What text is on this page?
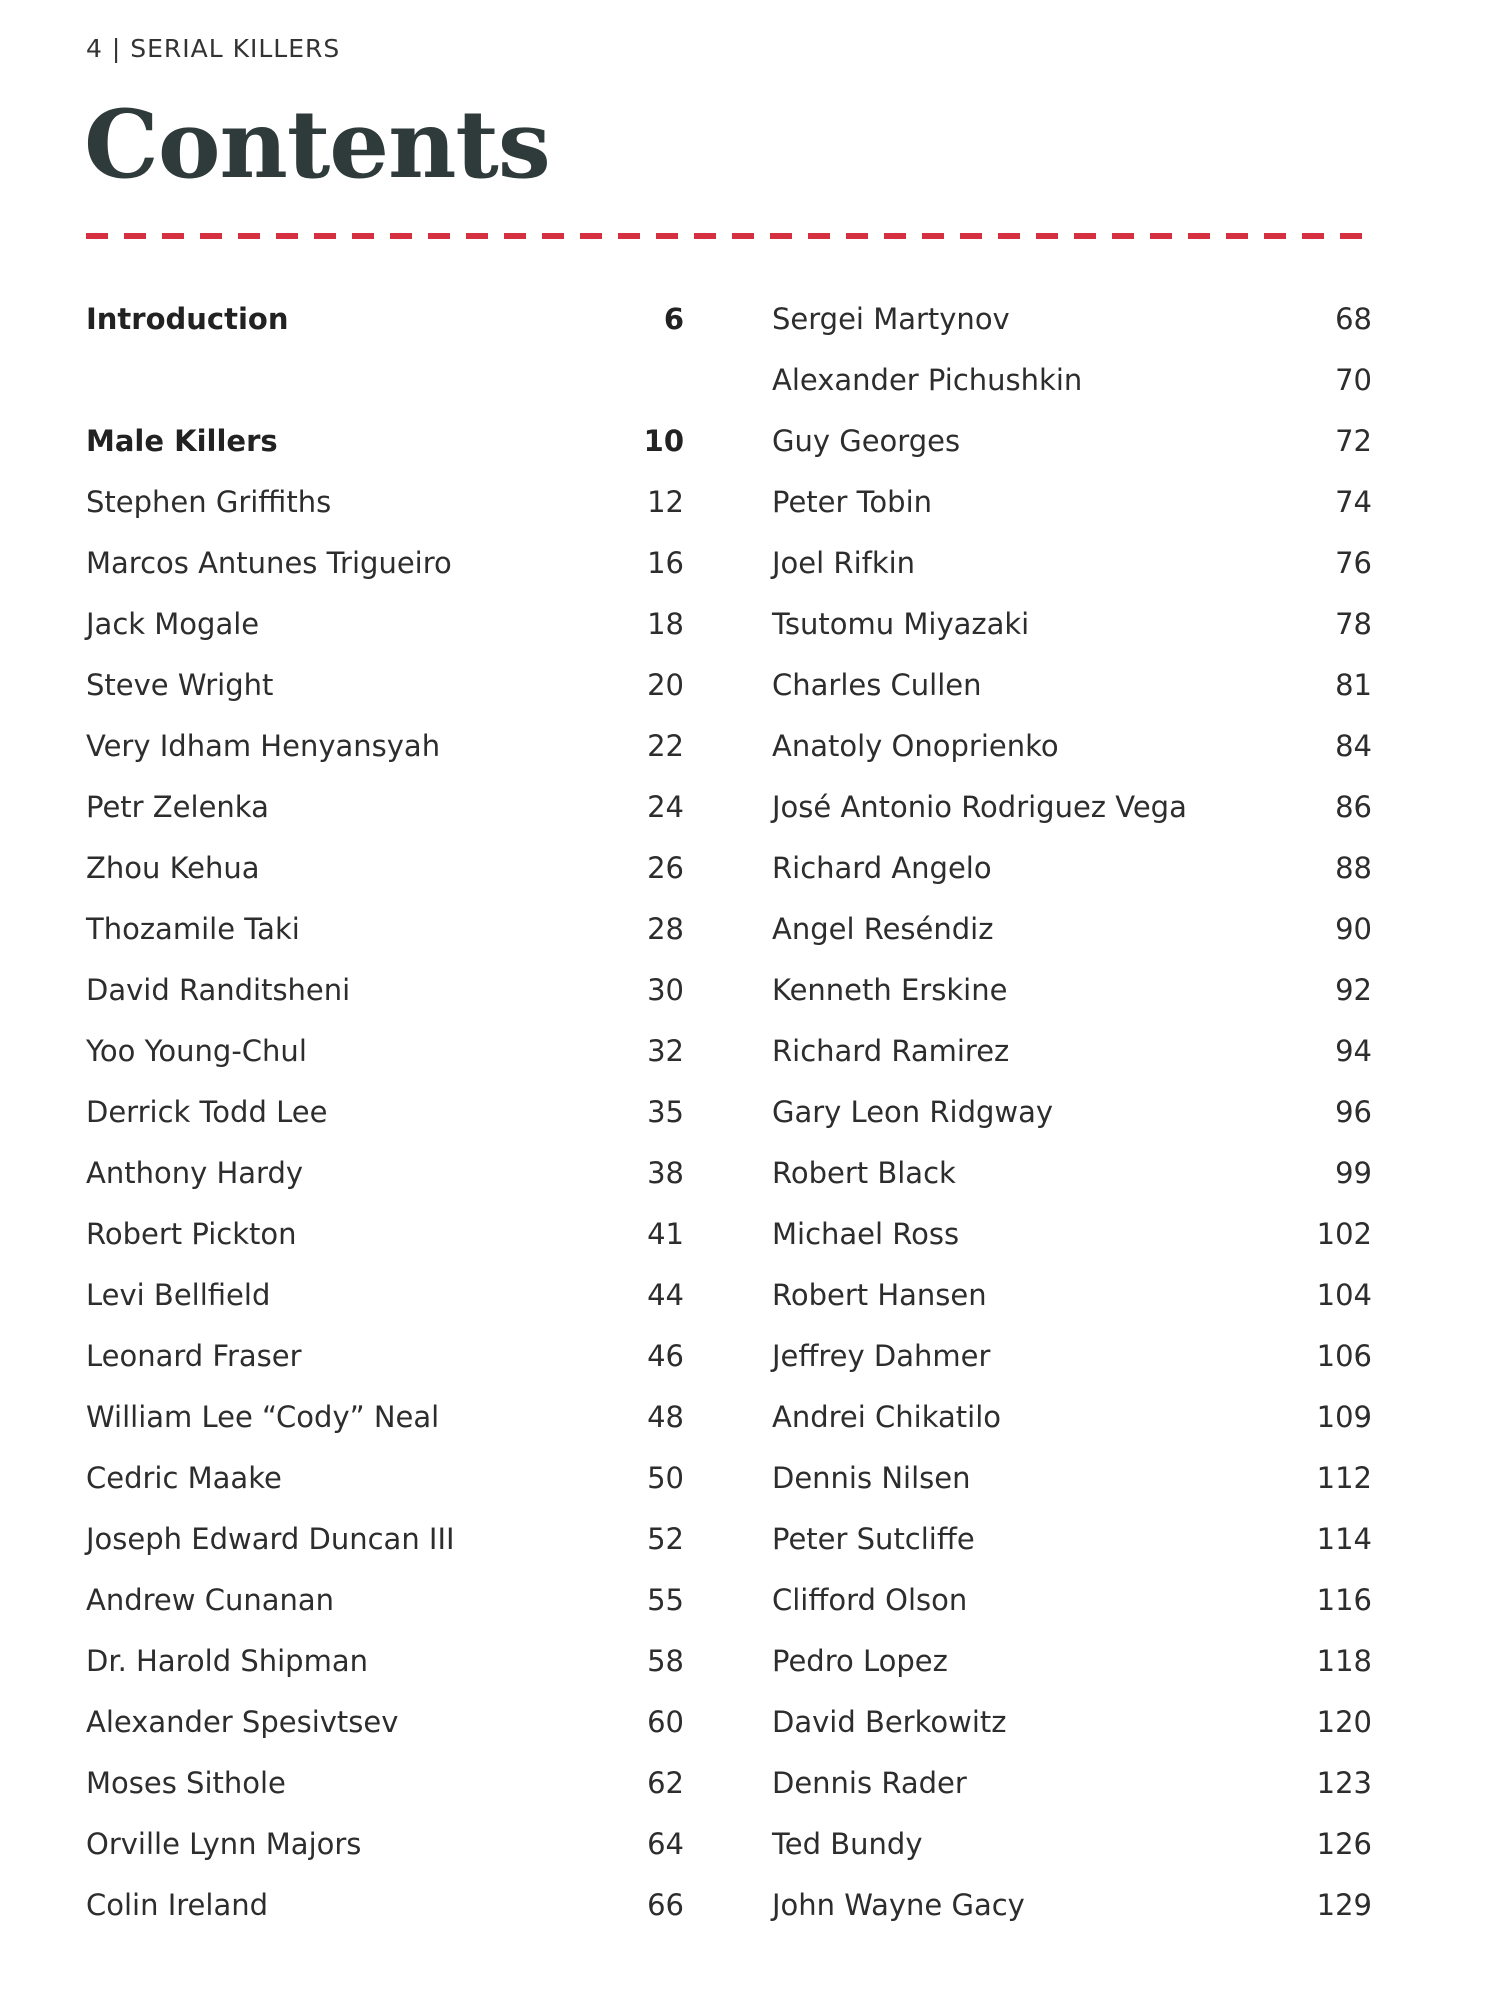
4 | SERIAL KILLERS
Contents
Introduction	6
Male Killers	10
Stephen Griffiths	12
Marcos Antunes Trigueiro	16
Jack Mogale	18
Steve Wright	20
Very Idham Henyansyah	22
Petr Zelenka	24
Zhou Kehua	26
Thozamile Taki	28
David Randitsheni	30
Yoo Young-Chul	32
Derrick Todd Lee	35
Anthony Hardy	38
Robert Pickton	41
Levi Bellfield	44
Leonard Fraser	46
William Lee “Cody” Neal	48
Cedric Maake	50
Joseph Edward Duncan III	52
Andrew Cunanan	55
Dr. Harold Shipman	58
Alexander Spesivtsev	60
Moses Sithole	62
Orville Lynn Majors	64
Colin Ireland	66
Sergei Martynov	68
Alexander Pichushkin	70
Guy Georges	72
Peter Tobin	74
Joel Rifkin	76
Tsutomu Miyazaki	78
Charles Cullen	81
Anatoly Onoprienko	84
José Antonio Rodriguez Vega	86
Richard Angelo	88
Angel Reséndiz	90
Kenneth Erskine	92
Richard Ramirez	94
Gary Leon Ridgway	96
Robert Black	99
Michael Ross	102
Robert Hansen	104
Jeffrey Dahmer	106
Andrei Chikatilo	109
Dennis Nilsen	112
Peter Sutcliffe	114
Clifford Olson	116
Pedro Lopez	118
David Berkowitz	120
Dennis Rader	123
Ted Bundy	126
John Wayne Gacy	129
